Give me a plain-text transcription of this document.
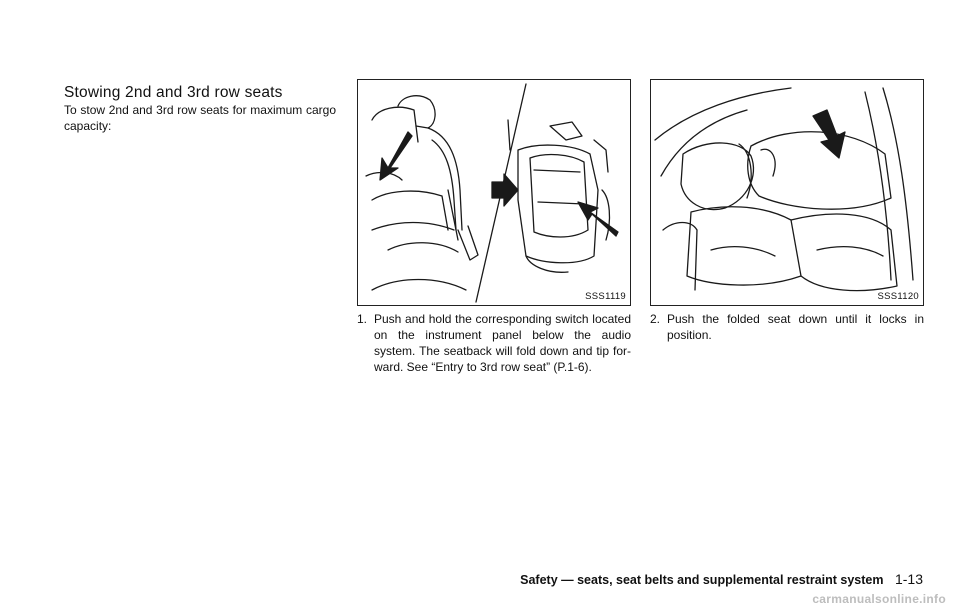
Stowing 2nd and 3rd row seats

To stow 2nd and 3rd row seats for maximum cargo capacity:

SSS1119	SSS1120
1. Push and hold the corresponding switch located on the instrument panel below the audio system. The seatback will fold down and tip forward. See “Entry to 3rd row seat” (P.1-6).
2. Push the folded seat down until it locks in position.
Safety — seats, seat belts and supplemental restraint system 1-13
carmanualsonline.info
